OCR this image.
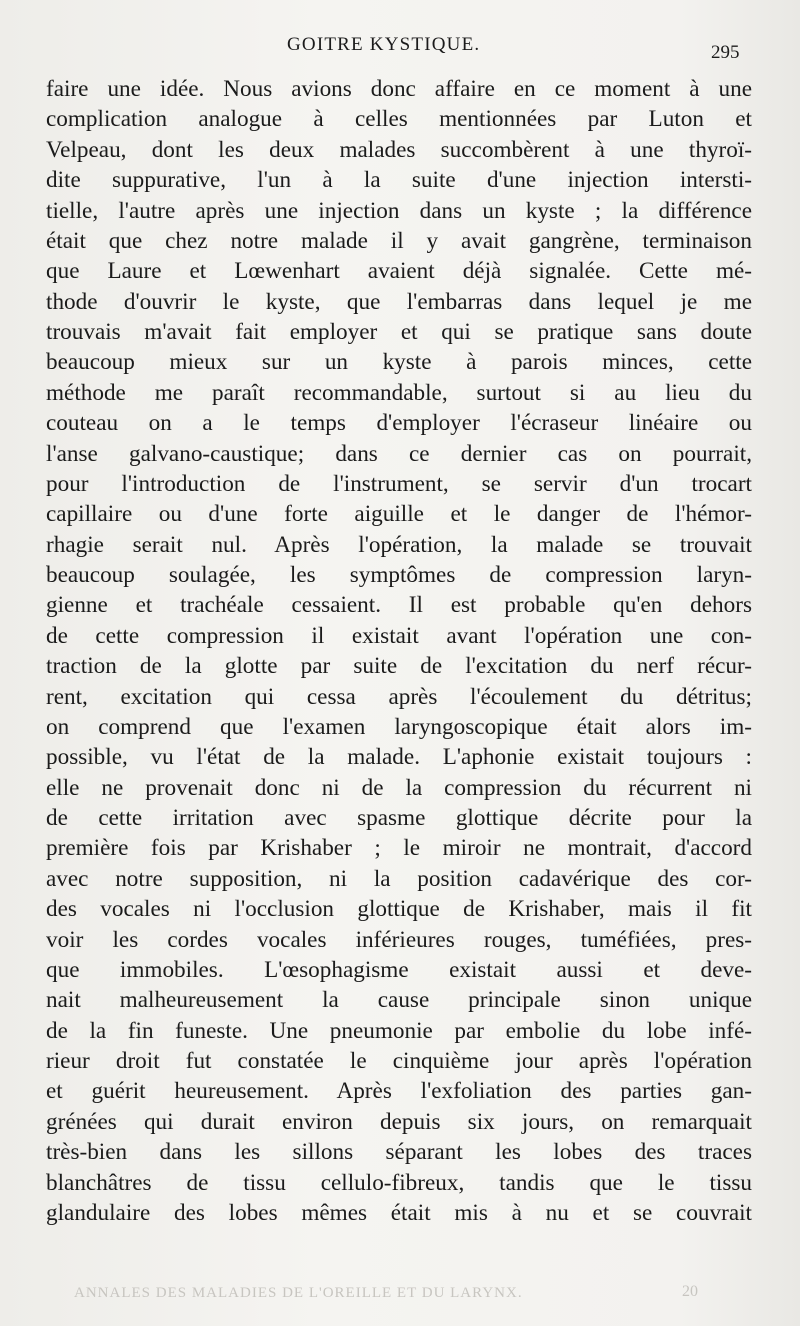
GOITRE KYSTIQUE.	295
faire une idée. Nous avions donc affaire en ce moment à une
complication analogue à celles mentionnées par Luton et
Velpeau, dont les deux malades succombèrent à une thyroï-
dite suppurative, l'un à la suite d'une injection intersti-
tielle, l'autre après une injection dans un kyste ; la différence
était que chez notre malade il y avait gangrène, terminaison
que Laure et Lœwenhart avaient déjà signalée. Cette mé-
thode d'ouvrir le kyste, que l'embarras dans lequel je me
trouvais m'avait fait employer et qui se pratique sans doute
beaucoup mieux sur un kyste à parois minces, cette
méthode me paraît recommandable, surtout si au lieu du
couteau on a le temps d'employer l'écraseur linéaire ou
l'anse galvano-caustique; dans ce dernier cas on pourrait,
pour l'introduction de l'instrument, se servir d'un trocart
capillaire ou d'une forte aiguille et le danger de l'hémor-
rhagie serait nul. Après l'opération, la malade se trouvait
beaucoup soulagée, les symptômes de compression laryn-
gienne et trachéale cessaient. Il est probable qu'en dehors
de cette compression il existait avant l'opération une con-
traction de la glotte par suite de l'excitation du nerf récur-
rent, excitation qui cessa après l'écoulement du détritus;
on comprend que l'examen laryngoscopique était alors im-
possible, vu l'état de la malade. L'aphonie existait toujours :
elle ne provenait donc ni de la compression du récurrent ni
de cette irritation avec spasme glottique décrite pour la
première fois par Krishaber ; le miroir ne montrait, d'accord
avec notre supposition, ni la position cadavérique des cor-
des vocales ni l'occlusion glottique de Krishaber, mais il fit
voir les cordes vocales inférieures rouges, tuméfiées, pres-
que immobiles. L'œsophagisme existait aussi et deve-
nait malheureusement la cause principale sinon unique
de la fin funeste. Une pneumonie par embolie du lobe infé-
rieur droit fut constatée le cinquième jour après l'opération
et guérit heureusement. Après l'exfoliation des parties gan-
grénées qui durait environ depuis six jours, on remarquait
très-bien dans les sillons séparant les lobes des traces
blanchâtres de tissu cellulo-fibreux, tandis que le tissu
glandulaire des lobes mêmes était mis à nu et se couvrait
ANNALES DES MALADIES DE L'OREILLE ET DU LARYNX.	20
